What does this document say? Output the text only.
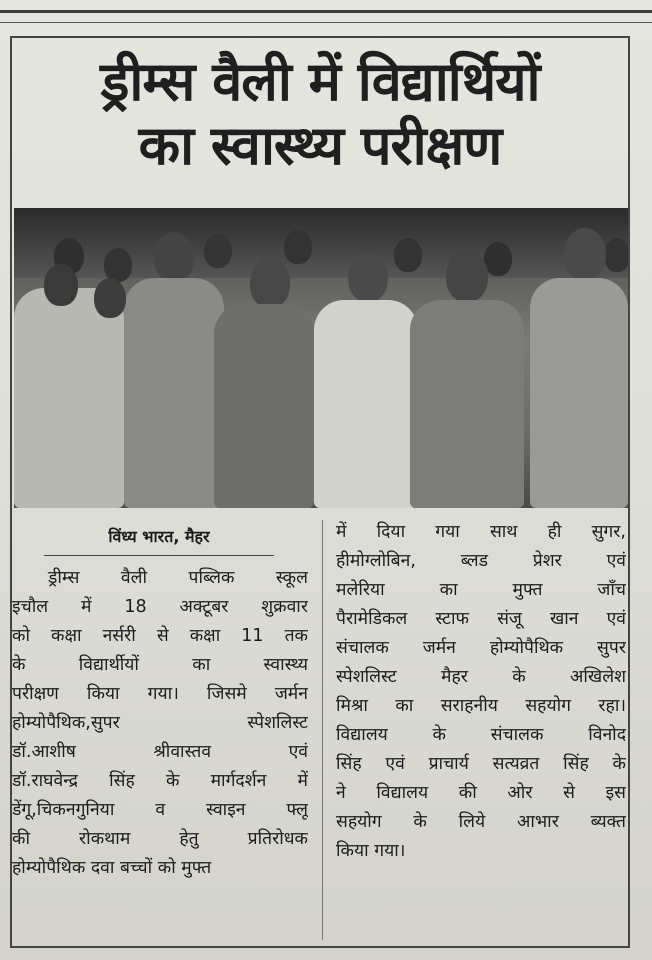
ड्रीम्स वैली में विद्यार्थियों
का स्वास्थ्य परीक्षण
विंध्य भारत, मैहर
ड्रीम्स वैली पब्लिक स्कूल
इचौल में 18 अक्टूबर शुक्रवार
को कक्षा नर्सरी से कक्षा 11 तक
के विद्यार्थीयों का स्वास्थ्य
परीक्षण किया गया। जिसमे जर्मन
होम्योपैथिक,सुपर स्पेशलिस्ट
डॉ.आशीष श्रीवास्तव एवं
डॉ.राघवेन्द्र सिंह के मार्गदर्शन में
डेंगू,चिकनगुनिया व स्वाइन फ्लू
की रोकथाम हेतु प्रतिरोधक
होम्योपैथिक दवा बच्चों को मुफ्त
में दिया गया साथ ही सुगर,
हीमोग्लोबिन, ब्लड प्रेशर एवं
मलेरिया का मुफ्त जाँच
पैरामेडिकल स्टाफ संजू खान एवं
संचालक जर्मन होम्योपैथिक सुपर
स्पेशलिस्ट मैहर के अखिलेश
मिश्रा का सराहनीय सहयोग रहा।
विद्यालय के संचालक विनोद
सिंह एवं प्राचार्य सत्यव्रत सिंह के
ने विद्यालय की ओर से इस
सहयोग के लिये आभार ब्यक्त
किया गया।
